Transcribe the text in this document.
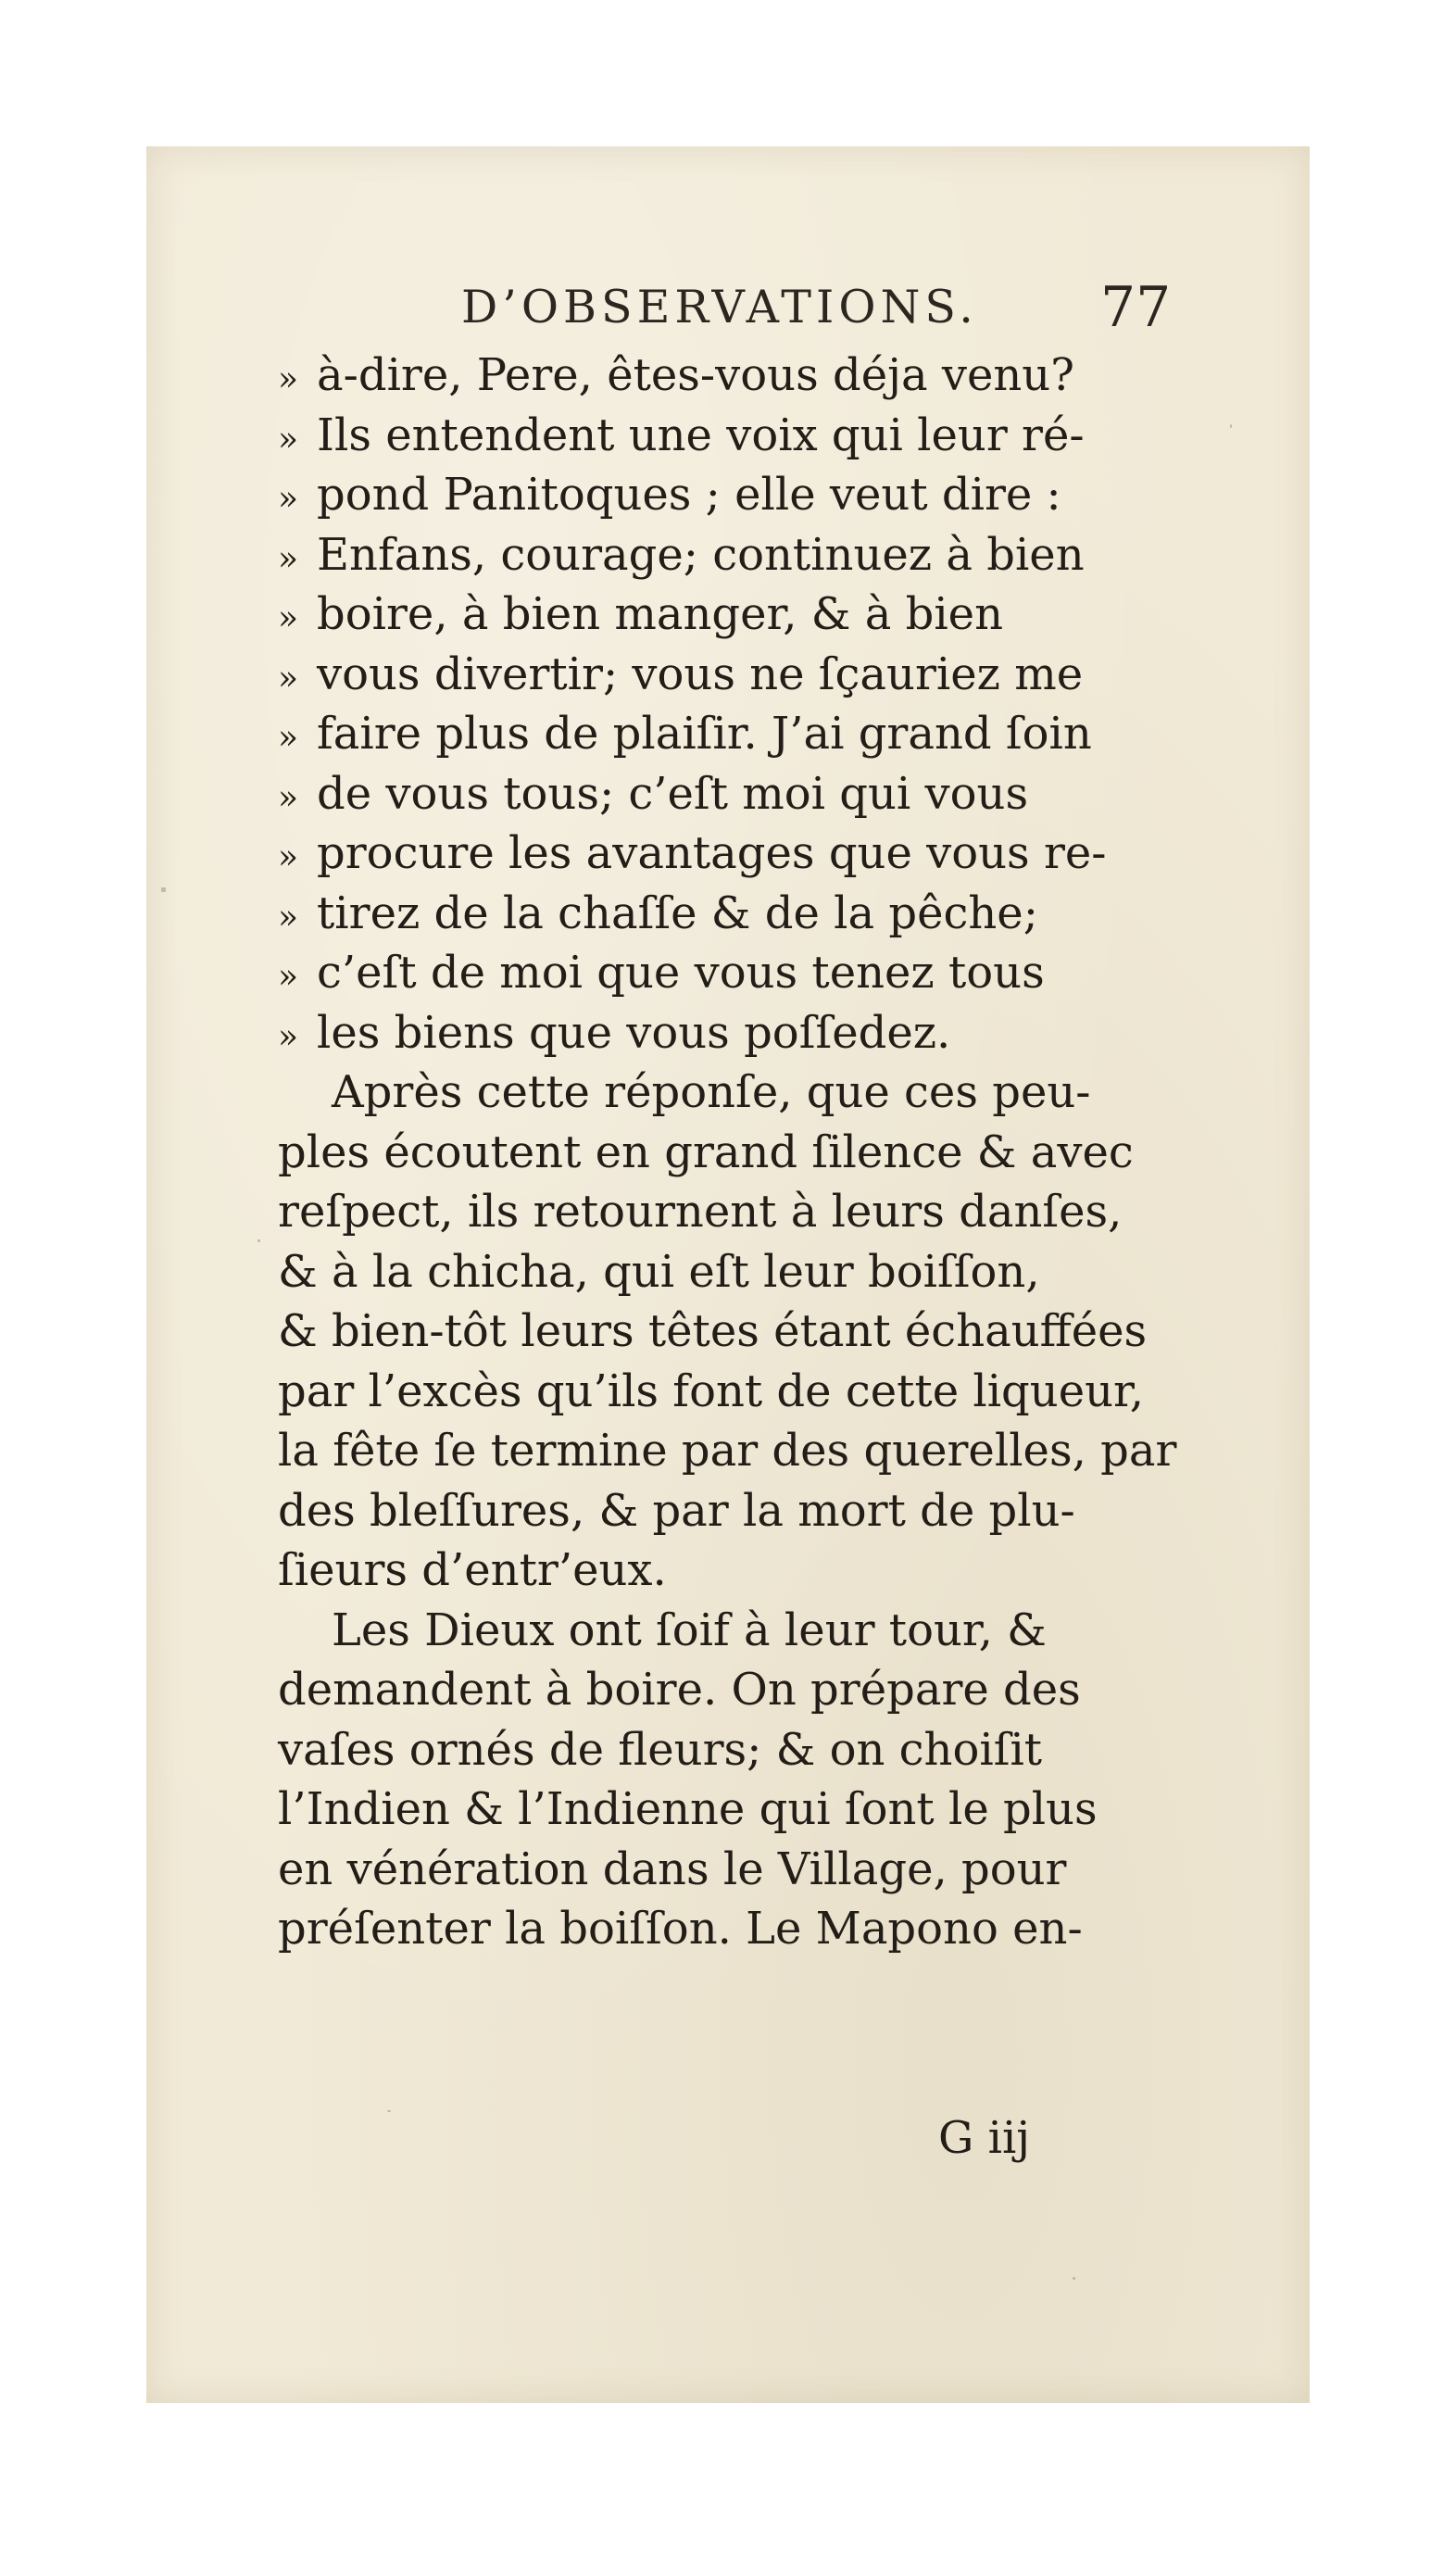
D’OBSERVATIONS. 77
» à-dire, Pere, êtes-vous déja venu?
» Ils entendent une voix qui leur ré-
» pond Panitoques ; elle veut dire :
» Enfans, courage; continuez à bien
» boire, à bien manger, & à bien
» vous divertir; vous ne ſçauriez me
» faire plus de plaiſir. J’ai grand ſoin
» de vous tous; c’eſt moi qui vous
» procure les avantages que vous re-
» tirez de la chaſſe & de la pêche;
» c’eſt de moi que vous tenez tous
» les biens que vous poſſedez.
Après cette réponſe, que ces peu-
ples écoutent en grand ſilence & avec
reſpect, ils retournent à leurs danſes,
& à la chicha, qui eſt leur boiſſon,
& bien-tôt leurs têtes étant échauffées
par l’excès qu’ils font de cette liqueur,
la fête ſe termine par des querelles, par
des bleſſures, & par la mort de plu-
ſieurs d’entr’eux.
Les Dieux ont ſoif à leur tour, &
demandent à boire. On prépare des
vaſes ornés de fleurs; & on choiſit
l’Indien & l’Indienne qui ſont le plus
en vénération dans le Village, pour
préſenter la boiſſon. Le Mapono en-
G iij
